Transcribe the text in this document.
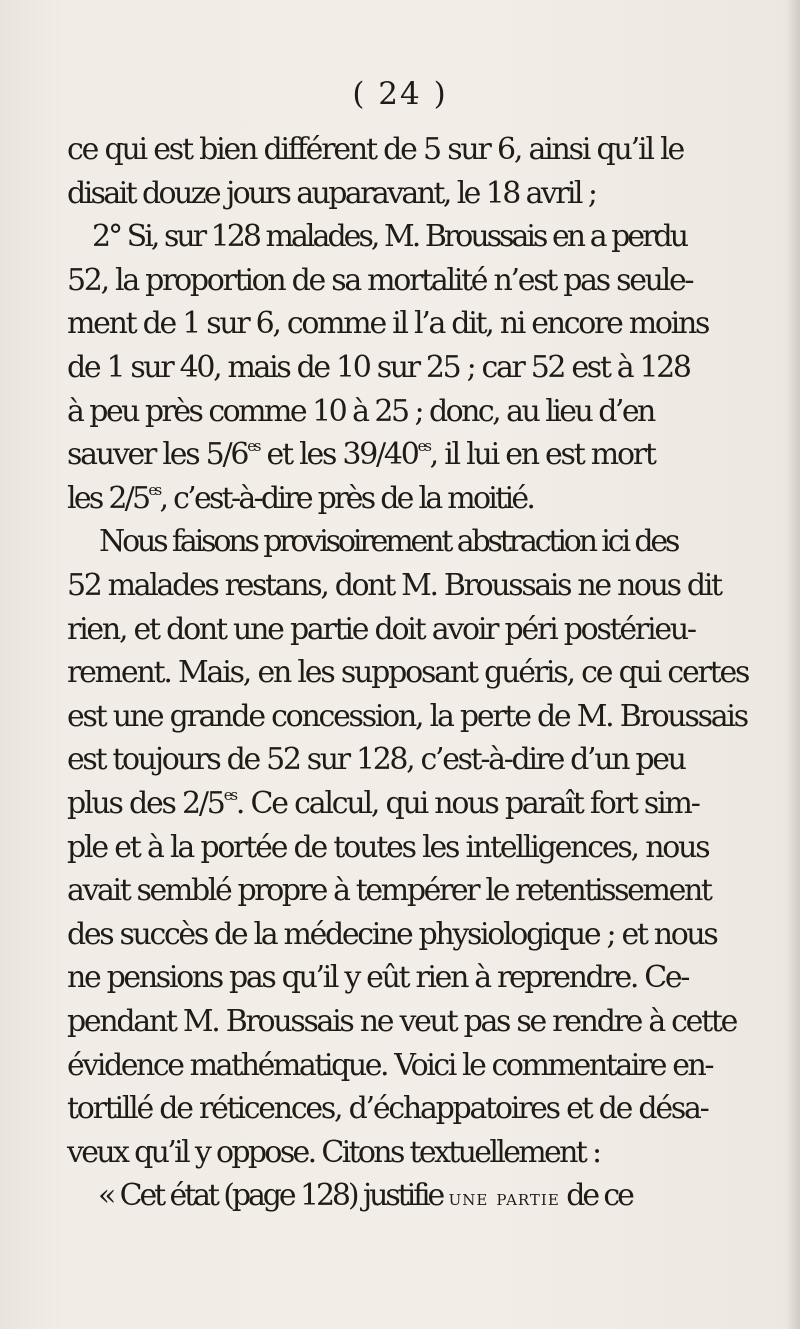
( 24 )
ce qui est bien différent de 5 sur 6, ainsi qu’il le
disait douze jours auparavant, le 18 avril ;
2° Si, sur 128 malades, M. Broussais en a perdu
52, la proportion de sa mortalité n’est pas seule-
ment de 1 sur 6, comme il l’a dit, ni encore moins
de 1 sur 40, mais de 10 sur 25 ; car 52 est à 128
à peu près comme 10 à 25 ; donc, au lieu d’en
sauver les $5/6^{es}$ et les $39/40^{es}$, il lui en est mort
les $2/5^{es}$, c’est-à-dire près de la moitié.
Nous faisons provisoirement abstraction ici des
52 malades restans, dont M. Broussais ne nous dit
rien, et dont une partie doit avoir péri postérieu-
rement. Mais, en les supposant guéris, ce qui certes
est une grande concession, la perte de M. Broussais
est toujours de 52 sur 128, c’est-à-dire d’un peu
plus des $2/5^{es}$. Ce calcul, qui nous paraît fort sim-
ple et à la portée de toutes les intelligences, nous
avait semblé propre à tempérer le retentissement
des succès de la médecine physiologique ; et nous
ne pensions pas qu’il y eût rien à reprendre. Ce-
pendant M. Broussais ne veut pas se rendre à cette
évidence mathématique. Voici le commentaire en-
tortillé de réticences, d’échappatoires et de désa-
veux qu’il y oppose. Citons textuellement :
« Cet état (page 128) justifie une partie de ce
